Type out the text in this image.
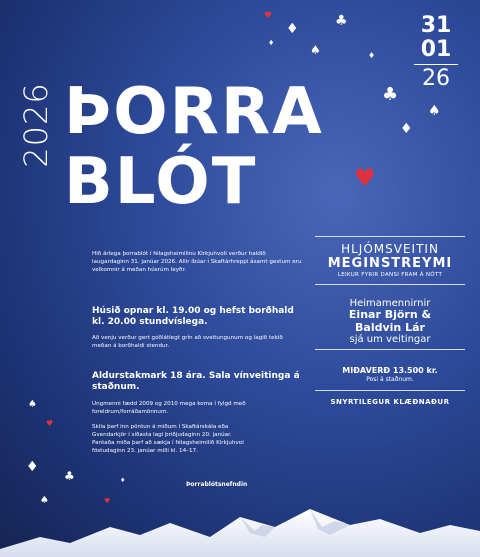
♥	♣
♦
♦	♠	♦
♣
♠
♦
♥
♠
♥
♦
♣
♠	♥
♦
31
01
26
2026 ÞORRA
BLÓT
Hið árlega þorrablót í félagsheimilinu Kirkjuhvoli verður haldið laugardaginn 31. janúar 2026. Allir íbúar í Skaftárhreppi ásamt gestum eru velkomnir á meðan húsrúm leyfir.
Húsið opnar kl. 19.00 og hefst borðhald kl. 20.00 stundvíslega.
Að venju verður gert góðlátlegt grín að sveitungunum og lagið tekið meðan á borðhaldi stendur.
Aldurstakmark 18 ára. Sala vínveitinga á staðnum.
Ungmenni fædd 2009 og 2010 mega koma í fylgd með foreldrum/forráðamönnum.
Skila þarf inn pöntun á miðum í Skaftárskála eða
Gvendarkjör í síðasta lagi þriðjudaginn 20. janúar.
Pantaða miða þarf að sækja í félagsheimilið Kirkjuhvol
föstudaginn 23. janúar milli kl. 14–17.
Þorrablótsnefndin
HLJÓMSVEITIN
MEGINSTREYMI
LEIKUR FYRIR DANSI FRAM Á NÓTT
Heimamennirnir
Einar Björn &
Baldvin Lár
sjá um veitingar
MIÐAVERÐ 13.500 kr.
Posi á staðnum.
SNYRTILEGUR KLÆÐNAÐUR
